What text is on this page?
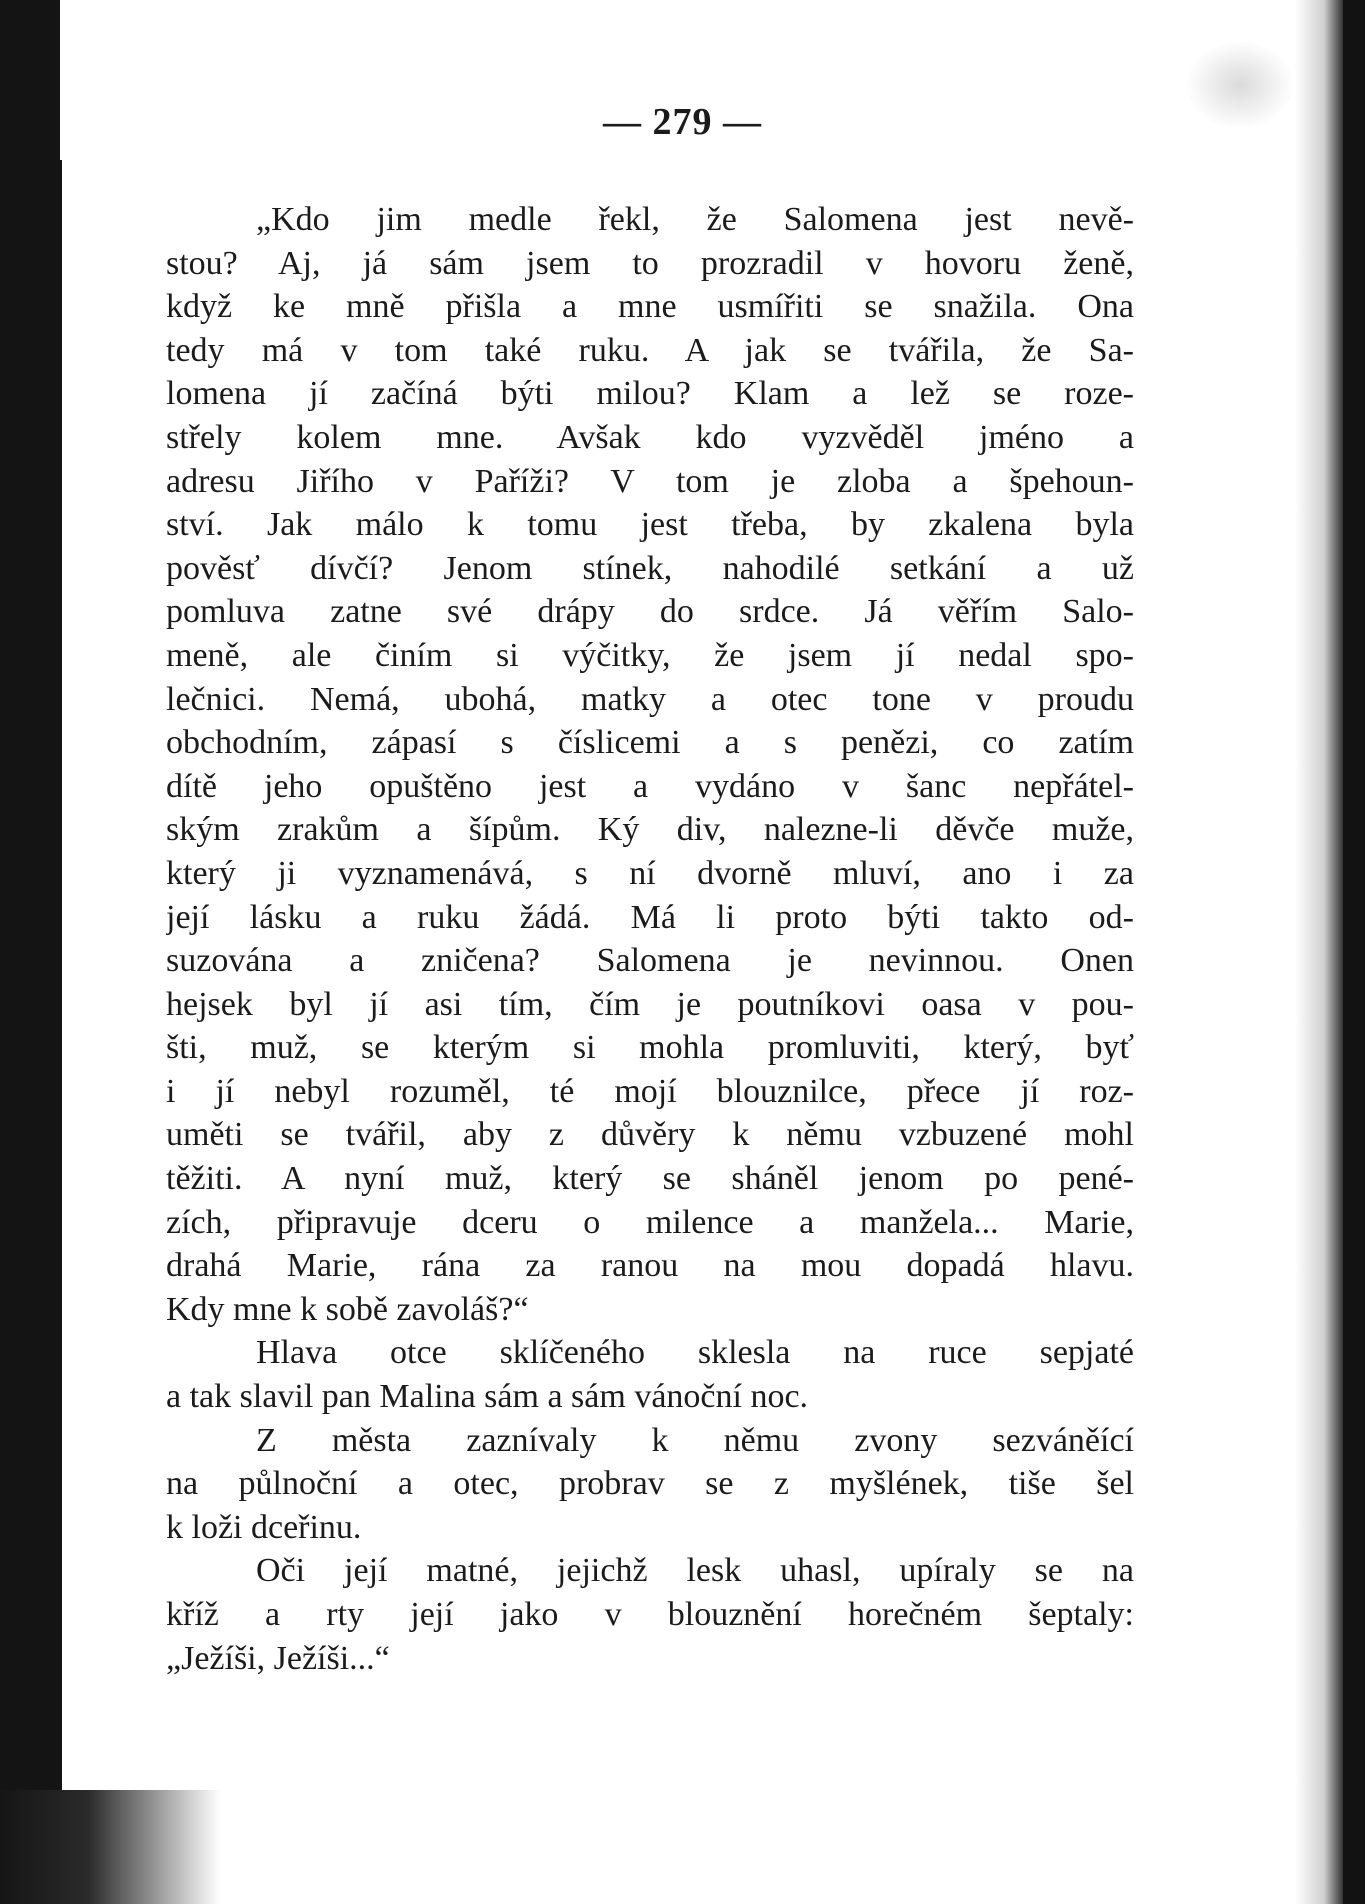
— 279 —
„Kdo jim medle řekl, že Salomena jest nevě-
stou? Aj, já sám jsem to prozradil v hovoru ženě,
když ke mně přišla a mne usmířiti se snažila. Ona
tedy má v tom také ruku. A jak se tvářila, že Sa-
lomena jí začíná býti milou? Klam a lež se roze-
střely kolem mne. Avšak kdo vyzvěděl jméno a
adresu Jiřího v Paříži? V tom je zloba a špehoun-
ství. Jak málo k tomu jest třeba, by zkalena byla
pověsť dívčí? Jenom stínek, nahodilé setkání a už
pomluva zatne své drápy do srdce. Já věřím Salo-
meně, ale činím si výčitky, že jsem jí nedal spo-
lečnici. Nemá, ubohá, matky a otec tone v proudu
obchodním, zápasí s číslicemi a s penězi, co zatím
dítě jeho opuštěno jest a vydáno v šanc nepřátel-
ským zrakům a šípům. Ký div, nalezne-li děvče muže,
který ji vyznamenává, s ní dvorně mluví, ano i za
její lásku a ruku žádá. Má li proto býti takto od-
suzována a zničena? Salomena je nevinnou. Onen
hejsek byl jí asi tím, čím je poutníkovi oasa v pou-
šti, muž, se kterým si mohla promluviti, který, byť
i jí nebyl rozuměl, té mojí blouznilce, přece jí roz-
uměti se tvářil, aby z důvěry k němu vzbuzené mohl
těžiti. A nyní muž, který se sháněl jenom po pené-
zích, připravuje dceru o milence a manžela... Marie,
drahá Marie, rána za ranou na mou dopadá hlavu.
Kdy mne k sobě zavoláš?“
Hlava otce sklíčeného sklesla na ruce sepjaté
a tak slavil pan Malina sám a sám vánoční noc.
Z města zaznívaly k němu zvony sezváněící
na půlnoční a otec, probrav se z myšlének, tiše šel
k loži dceřinu.
Oči její matné, jejichž lesk uhasl, upíraly se na
kříž a rty její jako v blouznění horečném šeptaly:
„Ježíši, Ježíši...“
